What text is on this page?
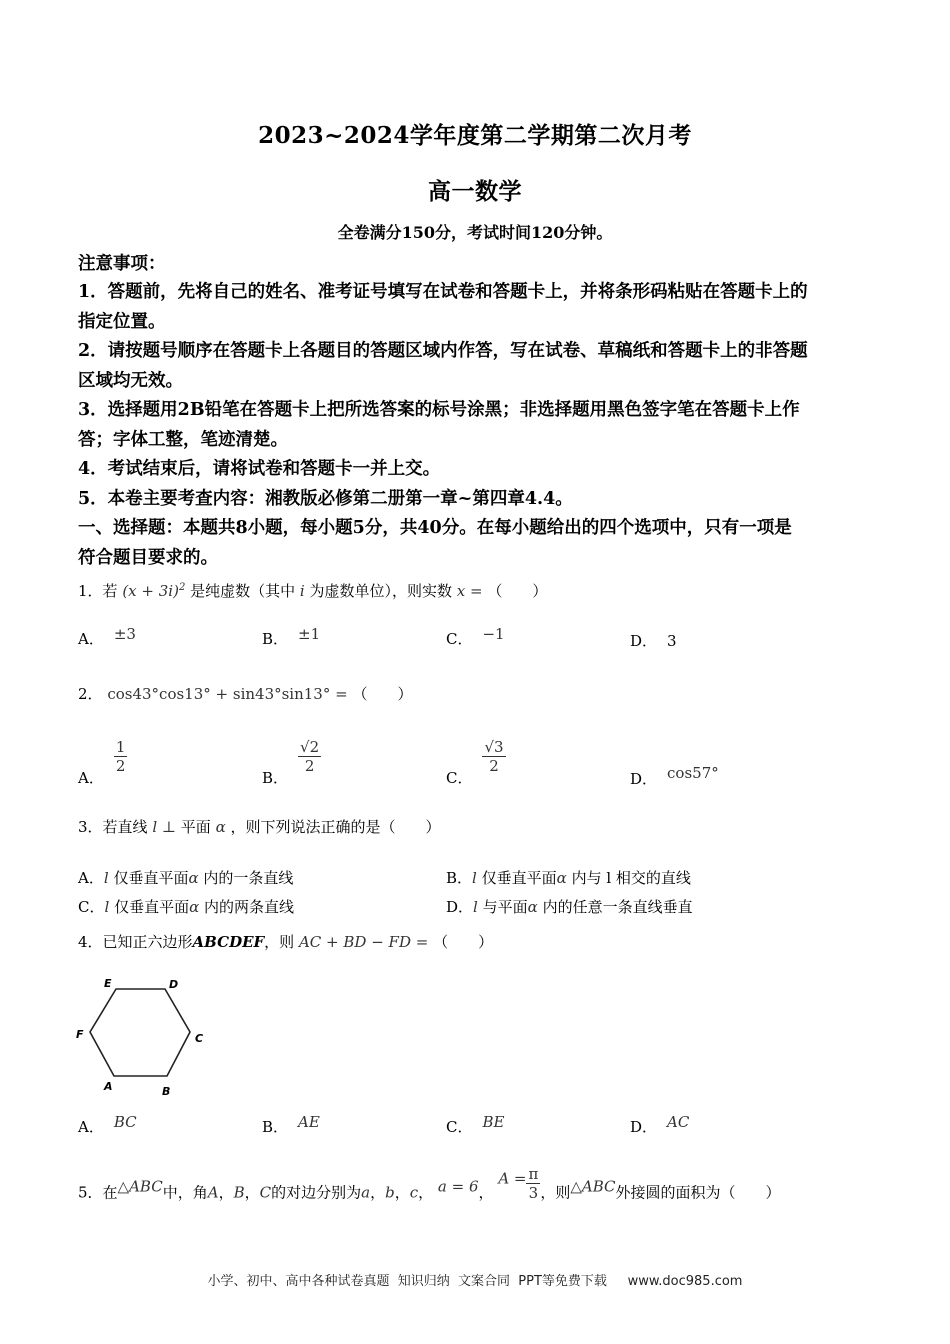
2023~2024学年度第二学期第二次月考
高一数学
全卷满分150分，考试时间120分钟。
注意事项：
1．答题前，先将自己的姓名、准考证号填写在试卷和答题卡上，并将条形码粘贴在答题卡上的
指定位置。
2．请按题号顺序在答题卡上各题目的答题区域内作答，写在试卷、草稿纸和答题卡上的非答题
区域均无效。
3．选择题用2B铅笔在答题卡上把所选答案的标号涂黑；非选择题用黑色签字笔在答题卡上作
答；字体工整，笔迹清楚。
4．考试结束后，请将试卷和答题卡一并上交。
5．本卷主要考查内容：湘教版必修第二册第一章~第四章4.4。
一、选择题：本题共8小题，每小题5分，共40分。在每小题给出的四个选项中，只有一项是
符合题目要求的。
1．若 $(x + 3i)^2$ 是纯虚数（其中 i 为虚数单位），则实数 x = （　　）
A． ±3	B． ±1	C． −1	D． 3
2． cos43°cos13° + sin43°sin13° = （　　）
A．
$\frac{1}{2}$
B．
$\frac{√2}{2}$
C．
$\frac{√3}{2}$
D． cos57°
3．若直线 l ⊥ 平面 α ，则下列说法正确的是（　　）
A．l 仅垂直平面α 内的一条直线	B．l 仅垂直平面α 内与 l 相交的直线
C．l 仅垂直平面α 内的两条直线	D．l 与平面α 内的任意一条直线垂直
4．已知正六边形ABCDEF，则 AC + BD − FD = （　　）
E	D
C
B
A
F
A． BC	B． AE	C． BE	D． AC
5．在△ABC中，角A，B，C的对边分别为a，b，c， a = 6， $A = \frac{\pi}{3}$ ，则△ABC外接圆的面积为（　　）
小学、初中、高中各种试卷真题  知识归纳  文案合同  PPT等免费下载     www.doc985.com
